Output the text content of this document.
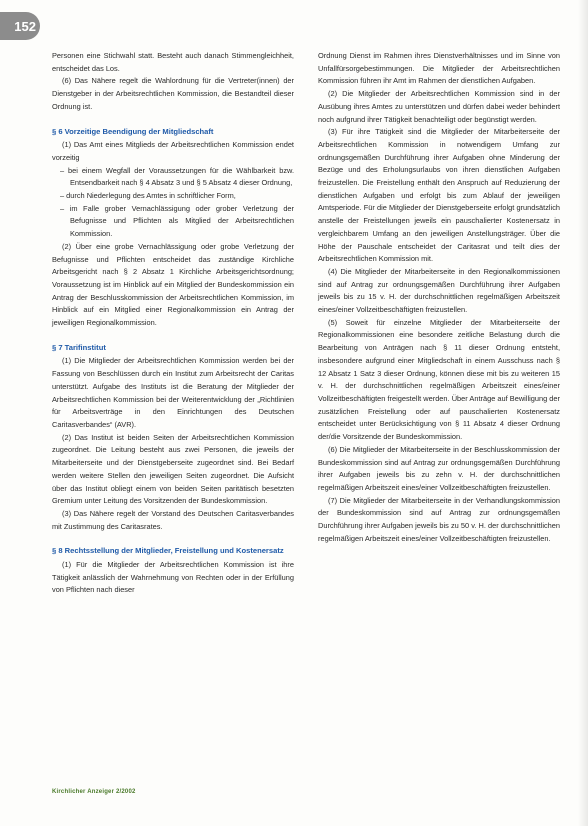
152

Personen eine Stichwahl statt. Besteht auch danach Stimmengleichheit, entscheidet das Los.

(6) Das Nähere regelt die Wahlordnung für die Vertreter(innen) der Dienstgeber in der Arbeitsrechtlichen Kommission, die Bestandteil dieser Ordnung ist.

§ 6 Vorzeitige Beendigung der Mitgliedschaft

(1) Das Amt eines Mitglieds der Arbeitsrechtlichen Kommission endet vorzeitig

– bei einem Wegfall der Voraussetzungen für die Wählbarkeit bzw. Entsendbarkeit nach § 4 Absatz 3 und § 5 Absatz 4 dieser Ordnung,
– durch Niederlegung des Amtes in schriftlicher Form,
– im Falle grober Vernachlässigung oder grober Verletzung der Befugnisse und Pflichten als Mitglied der Arbeitsrechtlichen Kommission.

(2) Über eine grobe Vernachlässigung oder grobe Verletzung der Befugnisse und Pflichten entscheidet das zuständige Kirchliche Arbeitsgericht nach § 2 Absatz 1 Kirchliche Arbeitsgerichtsordnung; Voraussetzung ist im Hinblick auf ein Mitglied der Bundeskommission ein Antrag der Beschlusskommission der Arbeitsrechtlichen Kommission, im Hinblick auf ein Mitglied einer Regionalkommission ein Antrag der jeweiligen Regionalkommission.

§ 7 Tarifinstitut

(1) Die Mitglieder der Arbeitsrechtlichen Kommission werden bei der Fassung von Beschlüssen durch ein Institut zum Arbeitsrecht der Caritas unterstützt. Aufgabe des Instituts ist die Beratung der Mitglieder der Arbeitsrechtlichen Kommission bei der Weiterentwicklung der „Richtlinien für Arbeitsverträge in den Einrichtungen des Deutschen Caritasverbandes“ (AVR).

(2) Das Institut ist beiden Seiten der Arbeitsrechtlichen Kommission zugeordnet. Die Leitung besteht aus zwei Personen, die jeweils der Mitarbeiterseite und der Dienstgeberseite zugeordnet sind. Bei Bedarf werden weitere Stellen den jeweiligen Seiten zugeordnet. Die Aufsicht über das Institut obliegt einem von beiden Seiten paritätisch besetzten Gremium unter Leitung des Vorsitzenden der Bundeskommission.

(3) Das Nähere regelt der Vorstand des Deutschen Caritasverbandes mit Zustimmung des Caritasrates.

§ 8 Rechtsstellung der Mitglieder, Freistellung und Kostenersatz

(1) Für die Mitglieder der Arbeitsrechtlichen Kommission ist ihre Tätigkeit anlässlich der Wahrnehmung von Rechten oder in der Erfüllung von Pflichten nach dieser

Ordnung Dienst im Rahmen ihres Dienstverhältnisses und im Sinne von Unfallfürsorgebestimmungen. Die Mitglieder der Arbeitsrechtlichen Kommission führen ihr Amt im Rahmen der dienstlichen Aufgaben.

(2) Die Mitglieder der Arbeitsrechtlichen Kommission sind in der Ausübung ihres Amtes zu unterstützen und dürfen dabei weder behindert noch aufgrund ihrer Tätigkeit benachteiligt oder begünstigt werden.

(3) Für ihre Tätigkeit sind die Mitglieder der Mitarbeiterseite der Arbeitsrechtlichen Kommission in notwendigem Umfang zur ordnungsgemäßen Durchführung ihrer Aufgaben ohne Minderung der Bezüge und des Erholungsurlaubs von ihren dienstlichen Aufgaben freizustellen. Die Freistellung enthält den Anspruch auf Reduzierung der dienstlichen Aufgaben und erfolgt bis zum Ablauf der jeweiligen Amtsperiode. Für die Mitglieder der Dienstgeberseite erfolgt grundsätzlich anstelle der Freistellungen jeweils ein pauschalierter Kostenersatz in vergleichbarem Umfang an den jeweiligen Anstellungsträger. Über die Höhe der Pauschale entscheidet der Caritasrat und teilt dies der Arbeitsrechtlichen Kommission mit.

(4) Die Mitglieder der Mitarbeiterseite in den Regionalkommissionen sind auf Antrag zur ordnungsgemäßen Durchführung ihrer Aufgaben jeweils bis zu 15 v. H. der durchschnittlichen regelmäßigen Arbeitszeit eines/einer Vollzeitbeschäftigten freizustellen.

(5) Soweit für einzelne Mitglieder der Mitarbeiterseite der Regionalkommissionen eine besondere zeitliche Belastung durch die Bearbeitung von Anträgen nach § 11 dieser Ordnung entsteht, insbesondere aufgrund einer Mitgliedschaft in einem Ausschuss nach § 12 Absatz 1 Satz 3 dieser Ordnung, können diese mit bis zu weiteren 15 v. H. der durchschnittlichen regelmäßigen Arbeitszeit eines/einer Vollzeitbeschäftigten freigestellt werden. Über Anträge auf Bewilligung der zusätzlichen Freistellung oder auf pauschalierten Kostenersatz entscheidet unter Berücksichtigung von § 11 Absatz 4 dieser Ordnung der/die Vorsitzende der Bundeskommission.

(6) Die Mitglieder der Mitarbeiterseite in der Beschlusskommission der Bundeskommission sind auf Antrag zur ordnungsgemäßen Durchführung ihrer Aufgaben jeweils bis zu zehn v. H. der durchschnittlichen regelmäßigen Arbeitszeit eines/einer Vollzeitbeschäftigten freizustellen.

(7) Die Mitglieder der Mitarbeiterseite in der Verhandlungskommission der Bundeskommission sind auf Antrag zur ordnungsgemäßen Durchführung ihrer Aufgaben jeweils bis zu 50 v. H. der durchschnittlichen regelmäßigen Arbeitszeit eines/einer Vollzeitbeschäftigten freizustellen.

Kirchlicher Anzeiger 2/2002
